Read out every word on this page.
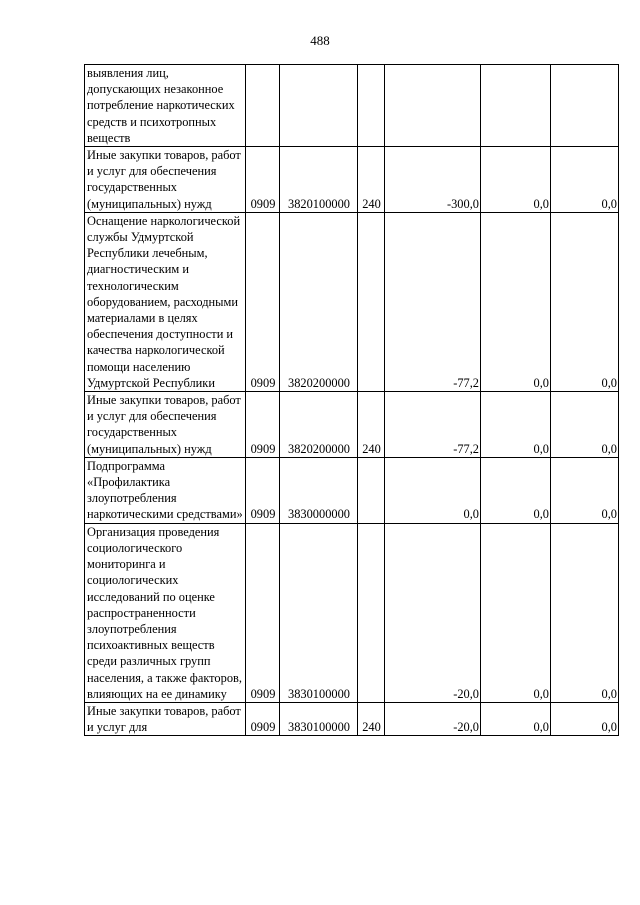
488
выявления лиц, допускающих незаконное потребление наркотических средств и психотропных веществ						
Иные закупки товаров, работ и услуг для обеспечения государственных (муниципальных) нужд	0909	3820100000	240	-300,0	0,0	0,0
Оснащение наркологической службы Удмуртской Республики лечебным, диагностическим и технологическим оборудованием, расходными материалами в целях обеспечения доступности и качества наркологической помощи населению Удмуртской Республики	0909	3820200000		-77,2	0,0	0,0
Иные закупки товаров, работ и услуг для обеспечения государственных (муниципальных) нужд	0909	3820200000	240	-77,2	0,0	0,0
Подпрограмма «Профилактика злоупотребления наркотическими средствами»	0909	3830000000		0,0	0,0	0,0
Организация проведения социологического мониторинга и социологических исследований по оценке распространенности злоупотребления психоактивных веществ среди различных групп населения, а также факторов, влияющих на ее динамику	0909	3830100000		-20,0	0,0	0,0
Иные закупки товаров, работ и услуг для	0909	3830100000	240	-20,0	0,0	0,0
